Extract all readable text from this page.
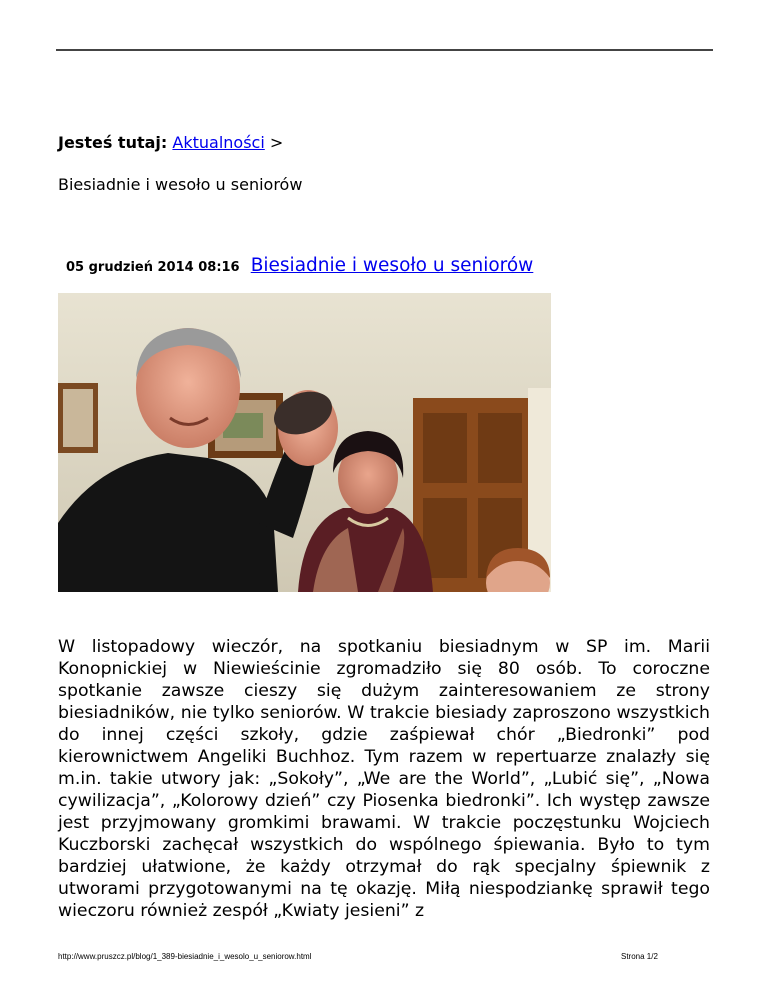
Jesteś tutaj: Aktualności >
Biesiadnie i wesoło u seniorów
05 grudzień 2014 08:16 Biesiadnie i wesoło u seniorów

W listopadowy wieczór, na spotkaniu biesiadnym w SP im. Marii Konopnickiej w Niewieścinie zgromadziło się 80 osób. To coroczne spotkanie zawsze cieszy się dużym zainteresowaniem ze strony biesiadników, nie tylko seniorów. W trakcie biesiady zaproszono wszystkich do innej części szkoły, gdzie zaśpiewał chór „Biedronki” pod kierownictwem Angeliki Buchhoz. Tym razem w repertuarze znalazły się m.in. takie utwory jak: „Sokoły”, „We are the World”, „Lubić się”, „Nowa cywilizacja”, „Kolorowy dzień” czy Piosenka biedronki”. Ich występ zawsze jest przyjmowany gromkimi brawami. W trakcie poczęstunku Wojciech Kuczborski zachęcał wszystkich do wspólnego śpiewania. Było to tym bardziej ułatwione, że każdy otrzymał do rąk specjalny śpiewnik z utworami przygotowanymi na tę okazję. Miłą niespodziankę sprawił tego wieczoru również zespół „Kwiaty jesieni” z

http://www.pruszcz.pl/blog/1_389-biesiadnie_i_wesolo_u_seniorow.html	Strona 1/2
